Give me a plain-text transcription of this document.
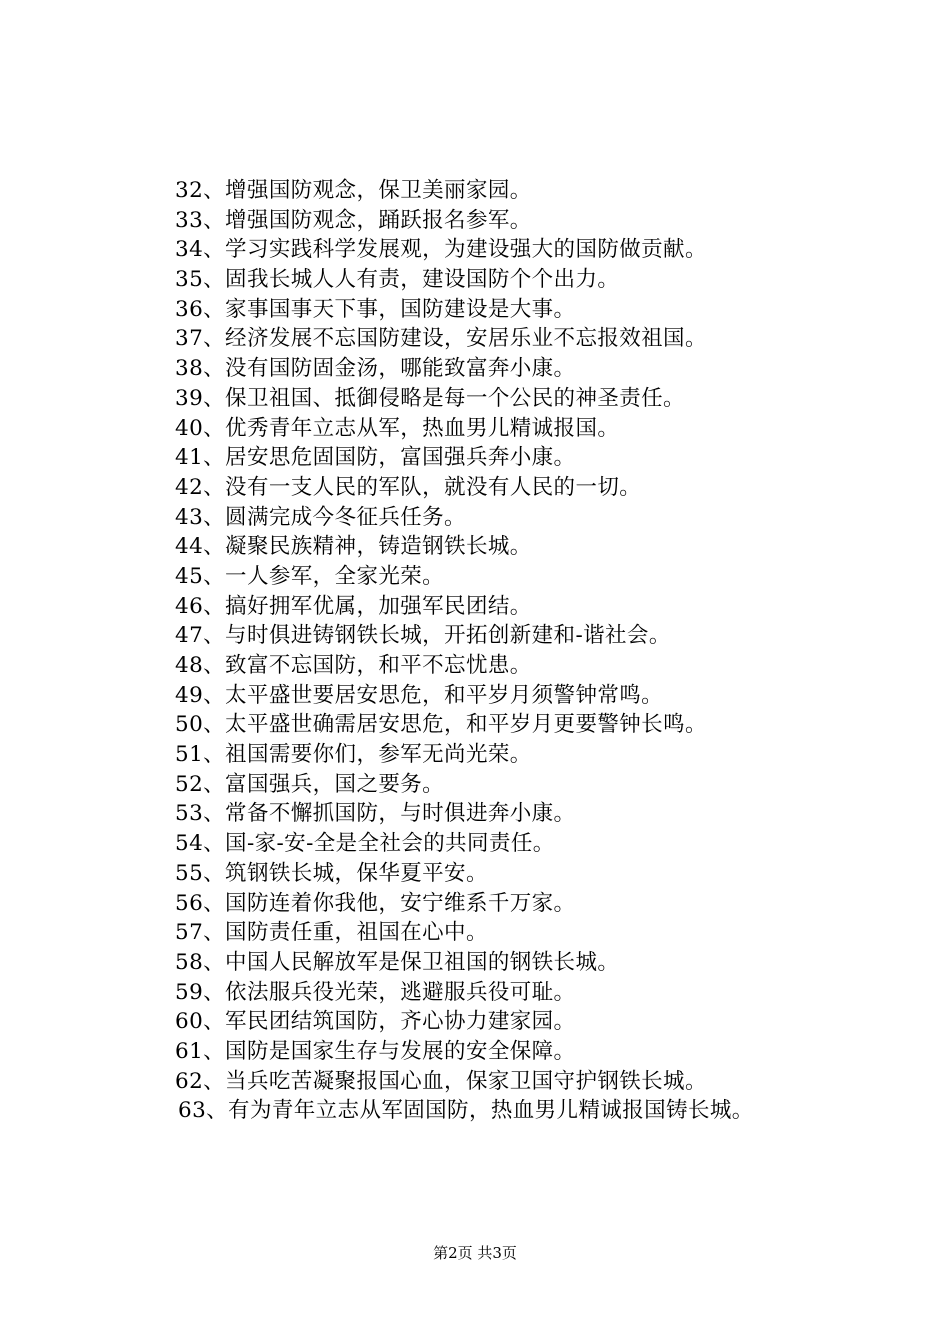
32、增强国防观念，保卫美丽家园。
33、增强国防观念，踊跃报名参军。
34、学习实践科学发展观，为建设强大的国防做贡献。
35、固我长城人人有责，建设国防个个出力。
36、家事国事天下事，国防建设是大事。
37、经济发展不忘国防建设，安居乐业不忘报效祖国。
38、没有国防固金汤，哪能致富奔小康。
39、保卫祖国、抵御侵略是每一个公民的神圣责任。
40、优秀青年立志从军，热血男儿精诚报国。
41、居安思危固国防，富国强兵奔小康。
42、没有一支人民的军队，就没有人民的一切。
43、圆满完成今冬征兵任务。
44、凝聚民族精神，铸造钢铁长城。
45、一人参军，全家光荣。
46、搞好拥军优属，加强军民团结。
47、与时俱进铸钢铁长城，开拓创新建和-谐社会。
48、致富不忘国防，和平不忘忧患。
49、太平盛世要居安思危，和平岁月须警钟常鸣。
50、太平盛世确需居安思危，和平岁月更要警钟长鸣。
51、祖国需要你们，参军无尚光荣。
52、富国强兵，国之要务。
53、常备不懈抓国防，与时俱进奔小康。
54、国-家-安-全是全社会的共同责任。
55、筑钢铁长城，保华夏平安。
56、国防连着你我他，安宁维系千万家。
57、国防责任重，祖国在心中。
58、中国人民解放军是保卫祖国的钢铁长城。
59、依法服兵役光荣，逃避服兵役可耻。
60、军民团结筑国防，齐心协力建家园。
61、国防是国家生存与发展的安全保障。
62、当兵吃苦凝聚报国心血，保家卫国守护钢铁长城。
63、有为青年立志从军固国防，热血男儿精诚报国铸长城。
第2页 共3页
